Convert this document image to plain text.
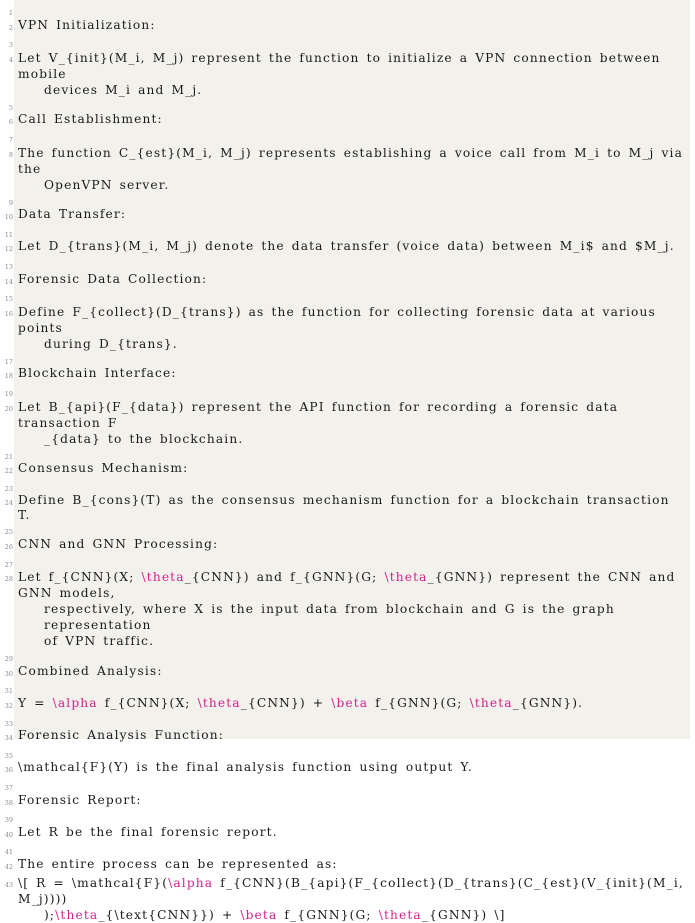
1
2 VPN Initialization:
3
4 Let V_{init}(M_i, M_j) represent the function to initialize a VPN connection between mobile
devices M_i and M_j.
5
6 Call Establishment:
7
8 The function C_{est}(M_i, M_j) represents establishing a voice call from M_i to M_j via the
OpenVPN server.
9
10 Data Transfer:
11
12 Let D_{trans}(M_i, M_j) denote the data transfer (voice data) between M_i$ and $M_j.
13
14 Forensic Data Collection:
15
16 Define F_{collect}(D_{trans}) as the function for collecting forensic data at various points
during D_{trans}.
17
18 Blockchain Interface:
19
20 Let B_{api}(F_{data}) represent the API function for recording a forensic data transaction F
_{data} to the blockchain.
21
22 Consensus Mechanism:
23
24 Define B_{cons}(T) as the consensus mechanism function for a blockchain transaction T.
25
26 CNN and GNN Processing:
27
28 Let f_{CNN}(X; \theta_{CNN}) and f_{GNN}(G; \theta_{GNN}) represent the CNN and GNN models,
respectively, where X is the input data from blockchain and G is the graph representation
of VPN traffic.
29
30 Combined Analysis:
31
32 Y = \alpha f_{CNN}(X; \theta_{CNN}) + \beta f_{GNN}(G; \theta_{GNN}).
33
34 Forensic Analysis Function:
35
36 \mathcal{F}(Y) is the final analysis function using output Y.
37
38 Forensic Report:
39
40 Let R be the final forensic report.
41
42 The entire process can be represented as:
43 \[ R = \mathcal{F}(\alpha f_{CNN}(B_{api}(F_{collect}(D_{trans}(C_{est}(V_{init}(M_i, M_j))))
);\theta_{\text{CNN}}) + \beta f_{GNN}(G; \theta_{GNN}) \]
